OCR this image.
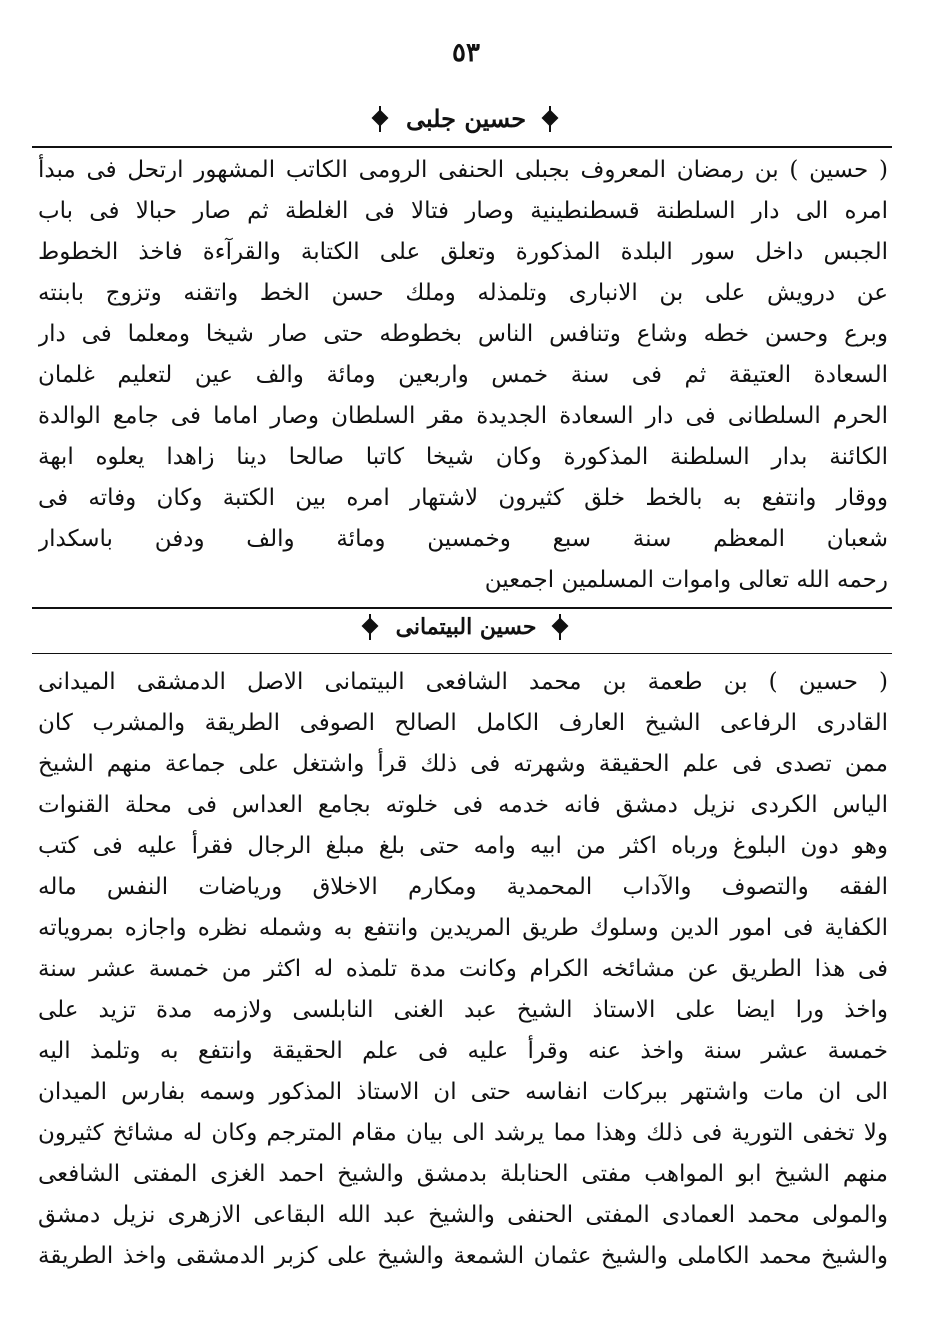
٥٣
حسين جلبى
( حسين ) بن رمضان المعروف بجبلى الحنفى الرومى الكاتب المشهور ارتحل فى مبدأ
امره الى دار السلطنة قسطنطينية وصار فتالا فى الغلطة ثم صار حبالا فى باب
الجبس داخل سور البلدة المذكورة وتعلق على الكتابة والقرآءة فاخذ الخطوط
عن درويش على بن الانبارى وتلمذله وملك حسن الخط واتقنه وتزوج بابنته
وبرع وحسن خطه وشاع وتنافس الناس بخطوطه حتى صار شيخا ومعلما فى دار
السعادة العتيقة ثم فى سنة خمس واربعين ومائة والف عين لتعليم غلمان
الحرم السلطانى فى دار السعادة الجديدة مقر السلطان وصار اماما فى جامع الوالدة
الكائنة بدار السلطنة المذكورة وكان شيخا كاتبا صالحا دينا زاهدا يعلوه ابهة
ووقار وانتفع به بالخط خلق كثيرون لاشتهار امره بين الكتبة وكان وفاته فى
شعبان المعظم سنة سبع وخمسين ومائة والف ودفن باسكدار
رحمه الله تعالى واموات المسلمين اجمعين
حسين البيتمانى
( حسين ) بن طعمة بن محمد الشافعى البيتمانى الاصل الدمشقى الميدانى
القادرى الرفاعى الشيخ العارف الكامل الصالح الصوفى الطريقة والمشرب كان
ممن تصدى فى علم الحقيقة وشهرته فى ذلك قرأ واشتغل على جماعة منهم الشيخ
الياس الكردى نزيل دمشق فانه خدمه فى خلوته بجامع العداس فى محلة القنوات
وهو دون البلوغ ورباه اكثر من ابيه وامه حتى بلغ مبلغ الرجال فقرأ عليه فى كتب
الفقه والتصوف والآداب المحمدية ومكارم الاخلاق ورياضات النفس ماله
الكفاية فى امور الدين وسلوك طريق المريدين وانتفع به وشمله نظره واجازه بمروياته
فى هذا الطريق عن مشائخه الكرام وكانت مدة تلمذه له اكثر من خمسة عشر سنة
واخذ ورا ايضا على الاستاذ الشيخ عبد الغنى النابلسى ولازمه مدة تزيد على
خمسة عشر سنة واخذ عنه وقرأ عليه فى علم الحقيقة وانتفع به وتلمذ اليه
الى ان مات واشتهر ببركات انفاسه حتى ان الاستاذ المذكور وسمه بفارس الميدان
ولا تخفى التورية فى ذلك وهذا مما يرشد الى بيان مقام المترجم وكان له مشائخ كثيرون
منهم الشيخ ابو المواهب مفتى الحنابلة بدمشق والشيخ احمد الغزى المفتى الشافعى
والمولى محمد العمادى المفتى الحنفى والشيخ عبد الله البقاعى الازهرى نزيل دمشق
والشيخ محمد الكاملى والشيخ عثمان الشمعة والشيخ على كزبر الدمشقى واخذ الطريقة
